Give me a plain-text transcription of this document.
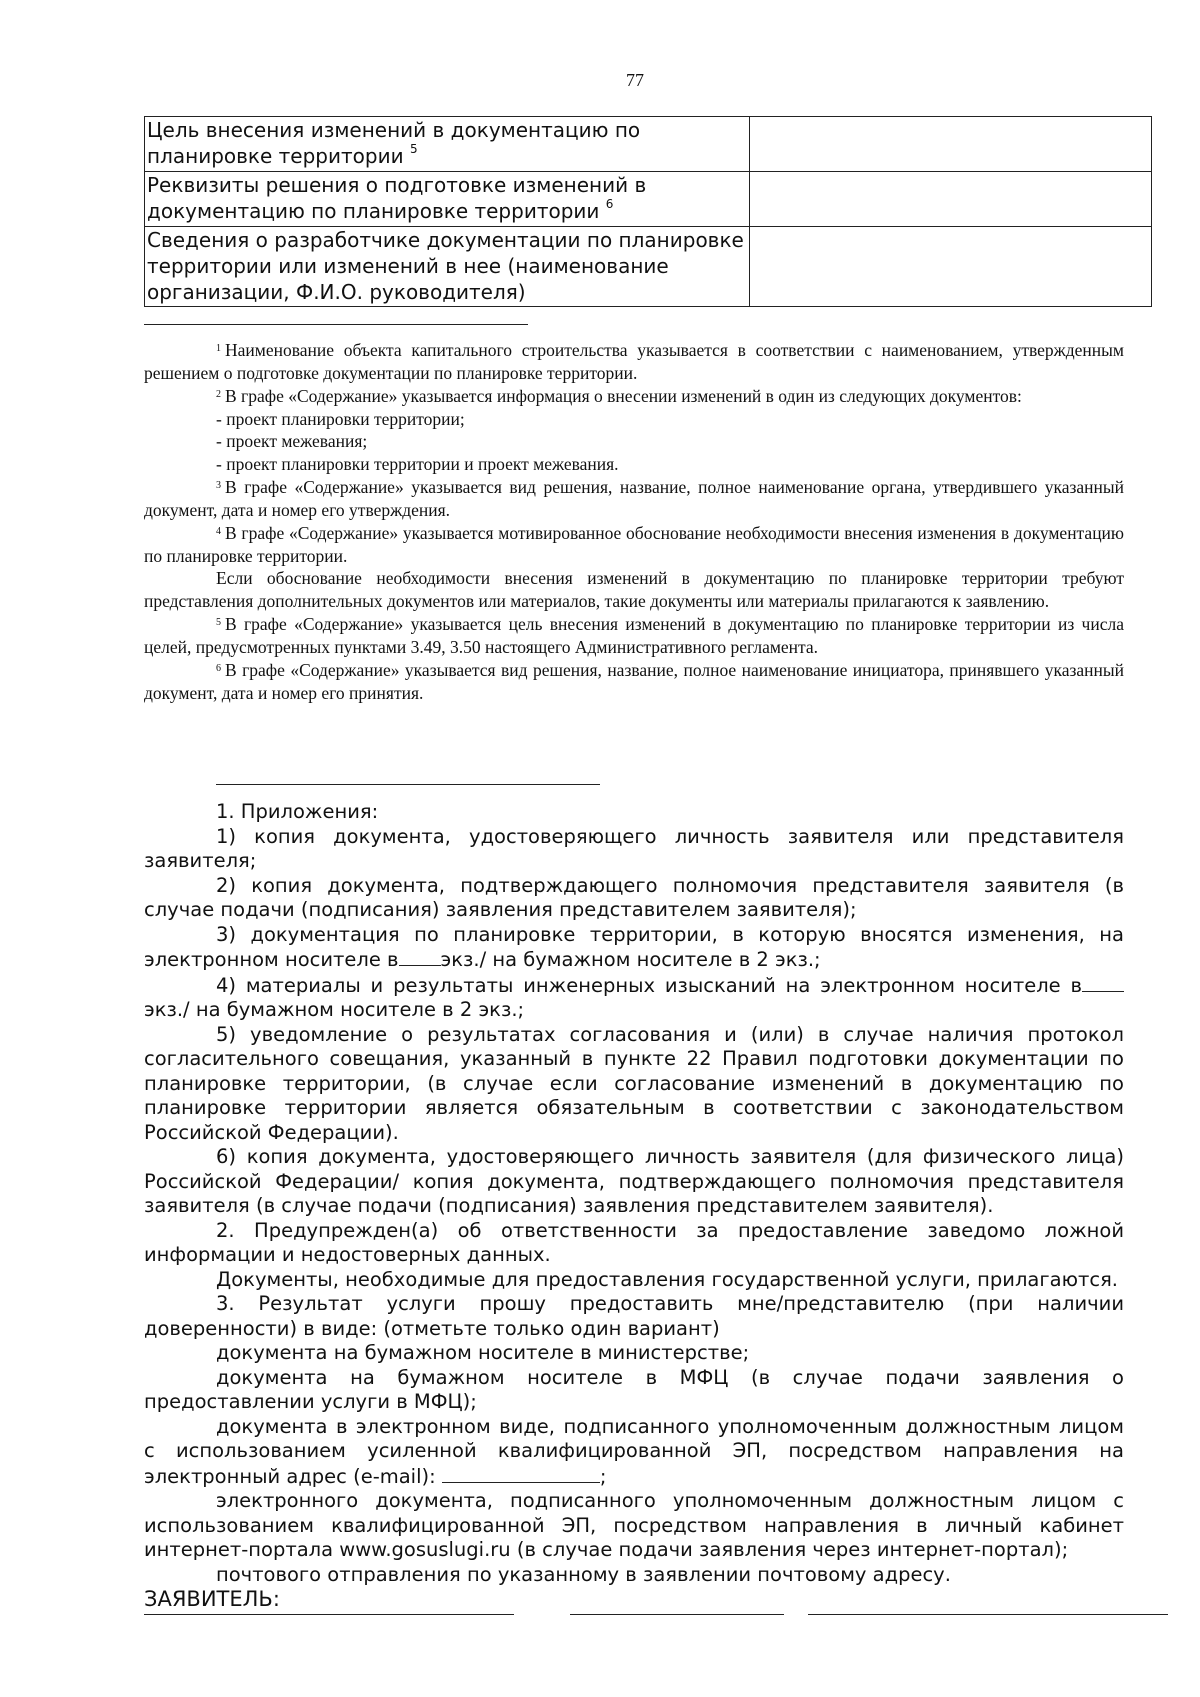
77
Цель внесения изменений в документацию по планировке территории $^5$	
Реквизиты решения о подготовке изменений в документацию по планировке территории $^6$	
Сведения о разработчике документации по планировке территории или изменений в нее (наименование организации, Ф.И.О. руководителя)	

$^1$ Наименование объекта капитального строительства указывается в соответствии с наименованием, утвержденным решением о подготовке документации по планировке территории.

$^2$ В графе «Содержание» указывается информация о внесении изменений в один из следующих документов:

- проект планировки территории;

- проект межевания;

- проект планировки территории и проект межевания.

$^3$ В графе «Содержание» указывается вид решения, название, полное наименование органа, утвердившего указанный документ, дата и номер его утверждения.

$^4$ В графе «Содержание» указывается мотивированное обоснование необходимости внесения изменения в документацию по планировке территории.

Если обоснование необходимости внесения изменений в документацию по планировке территории требуют представления дополнительных документов или материалов, такие документы или материалы прилагаются к заявлению.

$^5$ В графе «Содержание» указывается цель внесения изменений в документацию по планировке территории из числа целей, предусмотренных пунктами 3.49, 3.50 настоящего Административного регламента.

$^6$ В графе «Содержание» указывается вид решения, название, полное наименование инициатора, принявшего указанный документ, дата и номер его принятия.

1. Приложения:

1) копия документа, удостоверяющего личность заявителя или представителя заявителя;

2) копия документа, подтверждающего полномочия представителя заявителя (в случае подачи (подписания) заявления представителем заявителя);

3) документация по планировке территории, в которую вносятся изменения, на электронном носителе в экз./ на бумажном носителе в 2 экз.;

4) материалы и результаты инженерных изысканий на электронном носителе вэкз./ на бумажном носителе в 2 экз.;

5) уведомление о результатах согласования и (или) в случае наличия протокол согласительного совещания, указанный в пункте 22 Правил подготовки документации по планировке территории, (в случае если согласование изменений в документацию по планировке территории является обязательным в соответствии с законодательством Российской Федерации).

6) копия документа, удостоверяющего личность заявителя (для физического лица) Российской Федерации/ копия документа, подтверждающего полномочия представителя заявителя (в случае подачи (подписания) заявления представителем заявителя).

2. Предупрежден(а) об ответственности за предоставление заведомо ложной информации и недостоверных данных.

Документы, необходимые для предоставления государственной услуги, прилагаются.

3. Результат услуги прошу предоставить мне/представителю (при наличии доверенности) в виде: (отметьте только один вариант)

документа на бумажном носителе в министерстве;

документа на бумажном носителе в МФЦ (в случае подачи заявления о предоставлении услуги в МФЦ);

документа в электронном виде, подписанного уполномоченным должностным лицом с использованием усиленной квалифицированной ЭП, посредством направления на электронный адрес (e-mail):	;

электронного документа, подписанного уполномоченным должностным лицом с использованием квалифицированной ЭП, посредством направления в личный кабинет интернет-портала www.gosuslugi.ru (в случае подачи заявления через интернет-портал);

почтового отправления по указанному в заявлении почтовому адресу.

ЗАЯВИТЕЛЬ:
